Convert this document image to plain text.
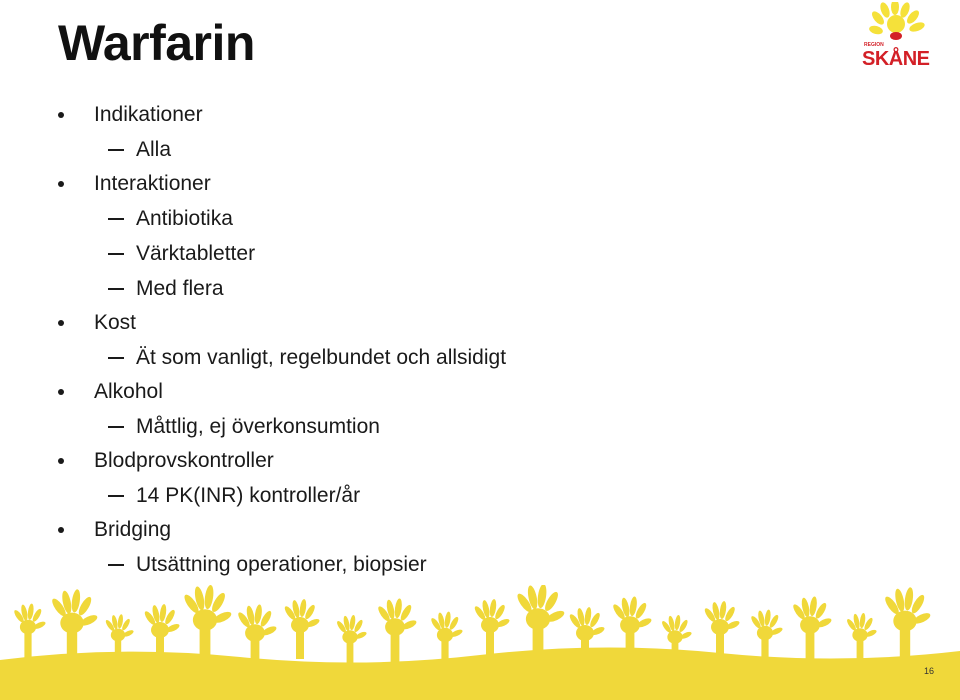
Warfarin	REGION
SKÅNE
Indikationer
Alla
Interaktioner
Antibiotika
Värktabletter
Med flera
Kost
Ät som vanligt, regelbundet och allsidigt
Alkohol
Måttlig, ej överkonsumtion
Blodprovskontroller
14 PK(INR) kontroller/år
Bridging
Utsättning operationer, biopsier
16
